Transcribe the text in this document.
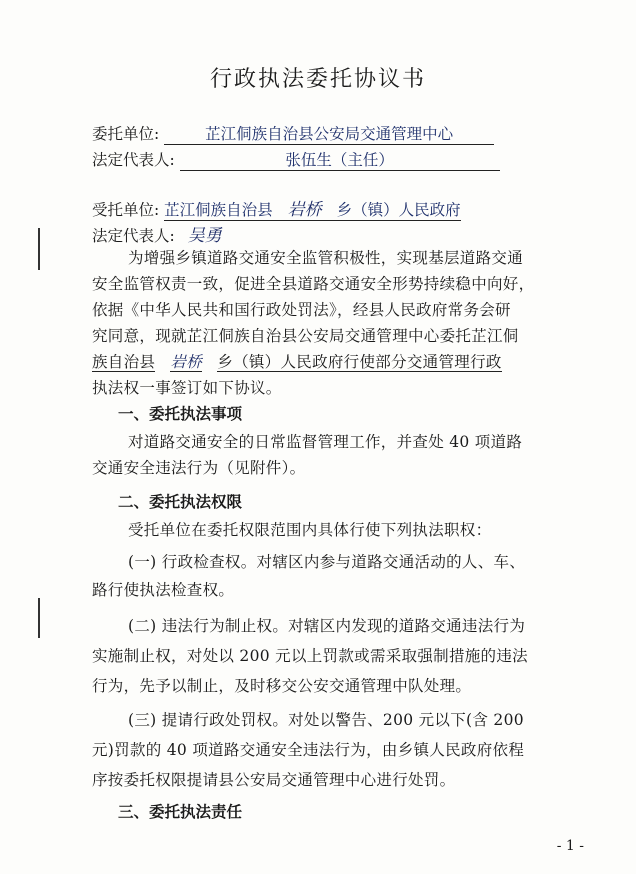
行政执法委托协议书
委托单位:	芷江侗族自治县公安局交通管理中心
法定代表人:	张伍生（主任）
受托单位: 芷江侗族自治县 岩桥 乡（镇）人民政府
法定代表人: 吴勇
为增强乡镇道路交通安全监管积极性，实现基层道路交通
安全监管权责一致，促进全县道路交通安全形势持续稳中向好，
依据《中华人民共和国行政处罚法》，经县人民政府常务会研
究同意，现就芷江侗族自治县公安局交通管理中心委托芷江侗
族自治县 岩桥 乡（镇）人民政府行使部分交通管理行政
执法权一事签订如下协议。
一、委托执法事项
对道路交通安全的日常监督管理工作，并查处 40 项道路
交通安全违法行为（见附件）。
二、委托执法权限
受托单位在委托权限范围内具体行使下列执法职权：
(一) 行政检查权。对辖区内参与道路交通活动的人、车、
路行使执法检查权。
(二) 违法行为制止权。对辖区内发现的道路交通违法行为
实施制止权，对处以 200 元以上罚款或需采取强制措施的违法
行为，先予以制止，及时移交公安交通管理中队处理。
(三) 提请行政处罚权。对处以警告、200 元以下(含 200
元)罚款的 40 项道路交通安全违法行为，由乡镇人民政府依程
序按委托权限提请县公安局交通管理中心进行处罚。
三、委托执法责任
- 1 -
